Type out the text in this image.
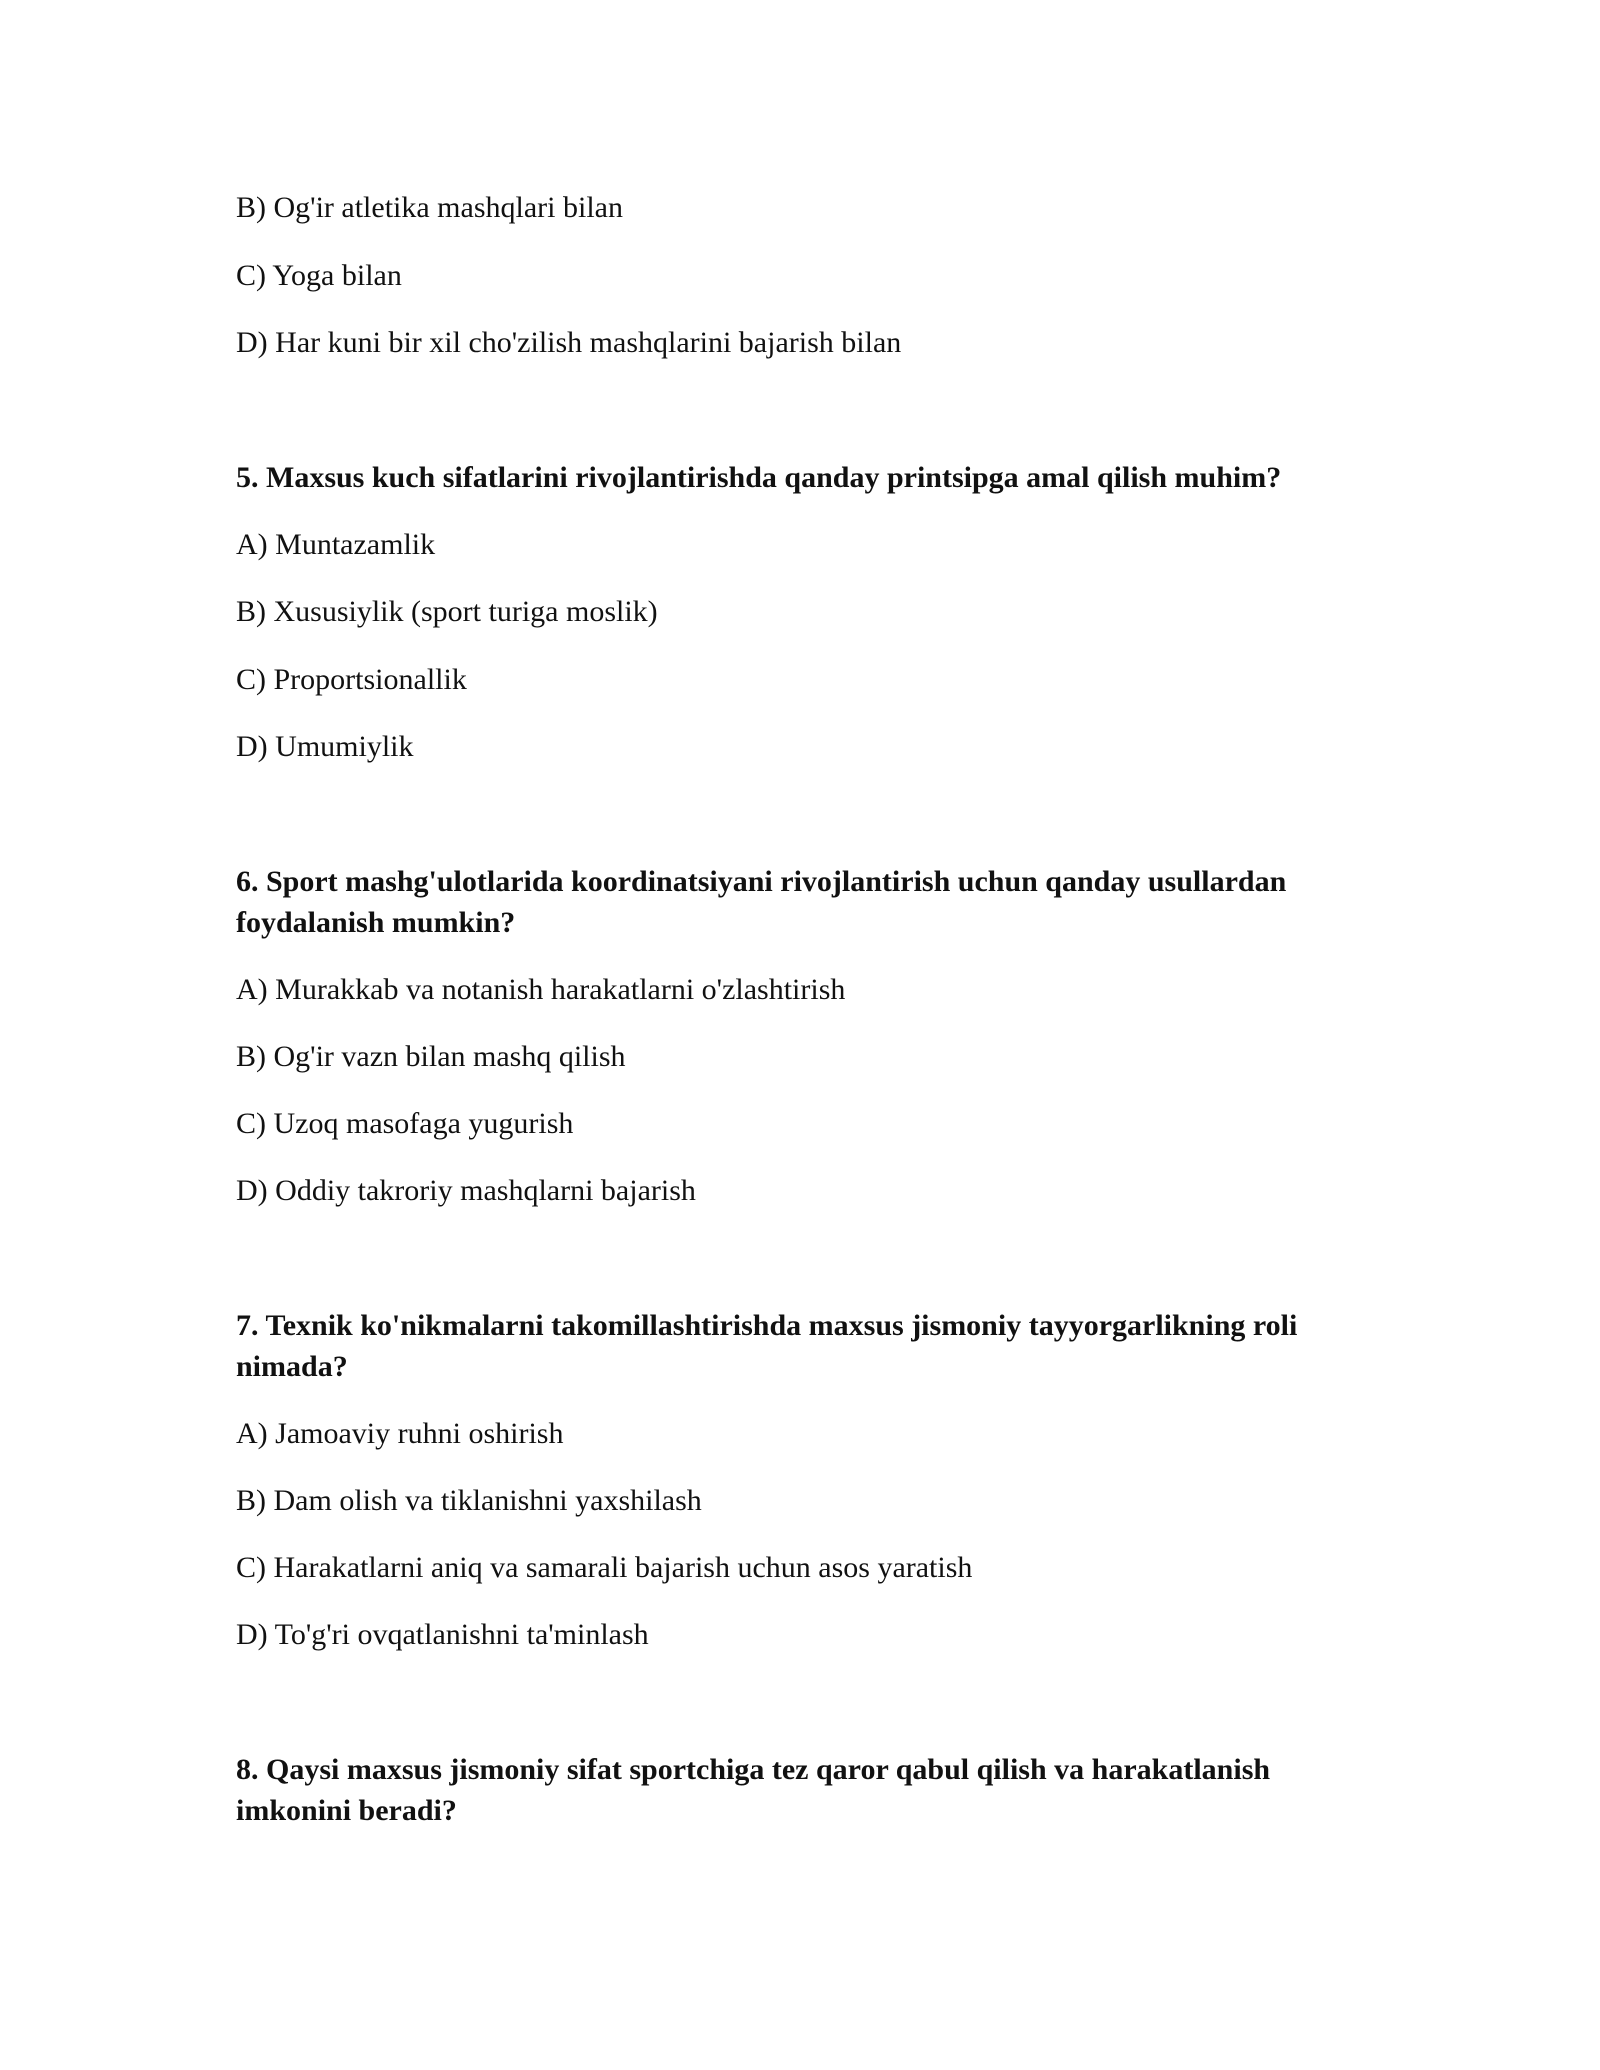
B) Og'ir atletika mashqlari bilan

C) Yoga bilan

D) Har kuni bir xil cho'zilish mashqlarini bajarish bilan

5. Maxsus kuch sifatlarini rivojlantirishda qanday printsipga amal qilish muhim?

A) Muntazamlik

B) Xususiylik (sport turiga moslik)

C) Proportsionallik

D) Umumiylik

6. Sport mashg'ulotlarida koordinatsiyani rivojlantirish uchun qanday usullardan

foydalanish mumkin?

A) Murakkab va notanish harakatlarni o'zlashtirish

B) Og'ir vazn bilan mashq qilish

C) Uzoq masofaga yugurish

D) Oddiy takroriy mashqlarni bajarish

7. Texnik ko'nikmalarni takomillashtirishda maxsus jismoniy tayyorgarlikning roli

nimada?

A) Jamoaviy ruhni oshirish

B) Dam olish va tiklanishni yaxshilash

C) Harakatlarni aniq va samarali bajarish uchun asos yaratish

D) To'g'ri ovqatlanishni ta'minlash

8. Qaysi maxsus jismoniy sifat sportchiga tez qaror qabul qilish va harakatlanish

imkonini beradi?
